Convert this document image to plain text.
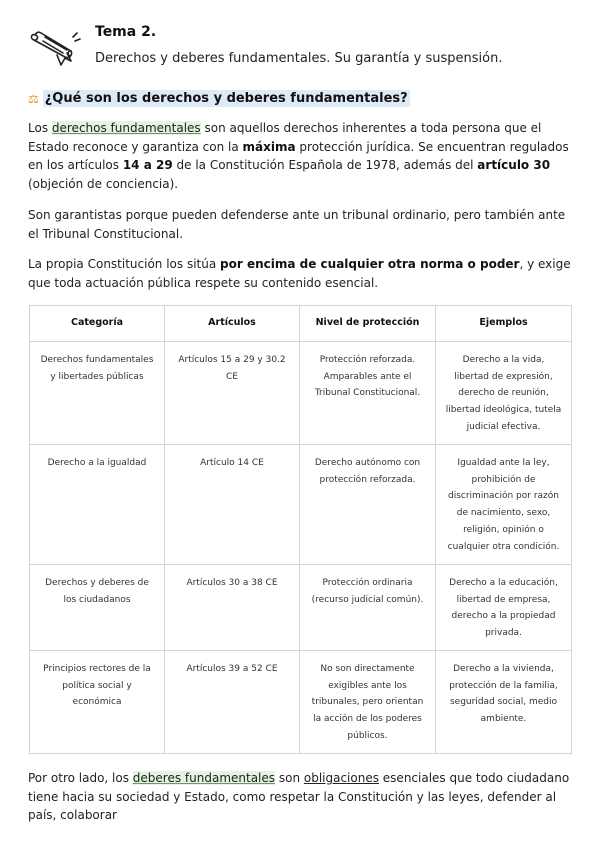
Tema 2.
Derechos y deberes fundamentales. Su garantía y suspensión.
⚖ ¿Qué son los derechos y deberes fundamentales?
Los derechos fundamentales son aquellos derechos inherentes a toda persona que el Estado reconoce y garantiza con la máxima protección jurídica. Se encuentran regulados en los artículos 14 a 29 de la Constitución Española de 1978, además del artículo 30 (objeción de conciencia).
Son garantistas porque pueden defenderse ante un tribunal ordinario, pero también ante el Tribunal Constitucional.
La propia Constitución los sitúa por encima de cualquier otra norma o poder, y exige que toda actuación pública respete su contenido esencial.
Categoría	Artículos	Nivel de protección	Ejemplos
Derechos fundamentales y libertades públicas	Artículos 15 a 29 y 30.2 CE	Protección reforzada. Amparables ante el Tribunal Constitucional.	Derecho a la vida, libertad de expresión, derecho de reunión, libertad ideológica, tutela judicial efectiva.
Derecho a la igualdad	Artículo 14 CE	Derecho autónomo con protección reforzada.	Igualdad ante la ley, prohibición de discriminación por razón de nacimiento, sexo, religión, opinión o cualquier otra condición.
Derechos y deberes de los ciudadanos	Artículos 30 a 38 CE	Protección ordinaria (recurso judicial común).	Derecho a la educación, libertad de empresa, derecho a la propiedad privada.
Principios rectores de la política social y económica	Artículos 39 a 52 CE	No son directamente exigibles ante los tribunales, pero orientan la acción de los poderes públicos.	Derecho a la vivienda, protección de la familia, seguridad social, medio ambiente.
Por otro lado, los deberes fundamentales son obligaciones esenciales que todo ciudadano tiene hacia su sociedad y Estado, como respetar la Constitución y las leyes, defender al país, colaborar
